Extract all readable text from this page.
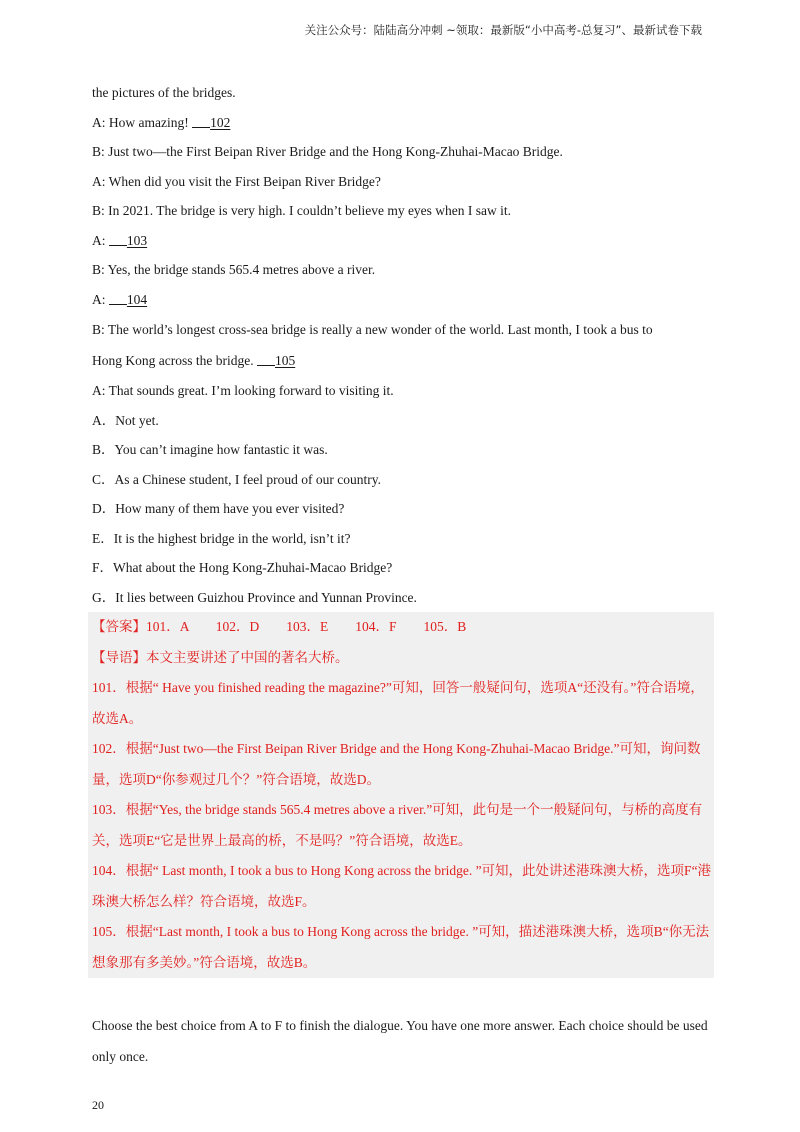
关注公众号：陆陆高分冲刺 ~领取：最新版“小中高考-总复习”、最新试卷下载
the pictures of the bridges.
A: How amazing! 102
B: Just two—the First Beipan River Bridge and the Hong Kong-Zhuhai-Macao Bridge.
A: When did you visit the First Beipan River Bridge?
B: In 2021. The bridge is very high. I couldn’t believe my eyes when I saw it.
A: 103
B: Yes, the bridge stands 565.4 metres above a river.
A: 104
B: The world’s longest cross-sea bridge is really a new wonder of the world. Last month, I took a bus to
Hong Kong across the bridge. 105
A: That sounds great. I’m looking forward to visiting it.
A．Not yet.
B．You can’t imagine how fantastic it was.
C．As a Chinese student, I feel proud of our country.
D．How many of them have you ever visited?
E．It is the highest bridge in the world, isn’t it?
F．What about the Hong Kong-Zhuhai-Macao Bridge?
G．It lies between Guizhou Province and Yunnan Province.
【答案】101．A　　102．D　　103．E　　104．F　　105．B
【导语】本文主要讲述了中国的著名大桥。
101．根据“ Have you finished reading the magazine?”可知，回答一般疑问句，选项A“还没有。”符合语境，故选A。
102．根据“Just two—the First Beipan River Bridge and the Hong Kong-Zhuhai-Macao Bridge.”可知，询问数量，选项D“你参观过几个？”符合语境，故选D。
103．根据“Yes, the bridge stands 565.4 metres above a river.”可知，此句是一个一般疑问句，与桥的高度有关，选项E“它是世界上最高的桥，不是吗？”符合语境，故选E。
104．根据“ Last month, I took a bus to Hong Kong across the bridge. ”可知，此处讲述港珠澳大桥，选项F“港珠澳大桥怎么样？符合语境，故选F。
105．根据“Last month, I took a bus to Hong Kong across the bridge. ”可知，描述港珠澳大桥，选项B“你无法想象那有多美妙。”符合语境，故选B。
Choose the best choice from A to F to finish the dialogue. You have one more answer. Each choice should be used only once.
20
